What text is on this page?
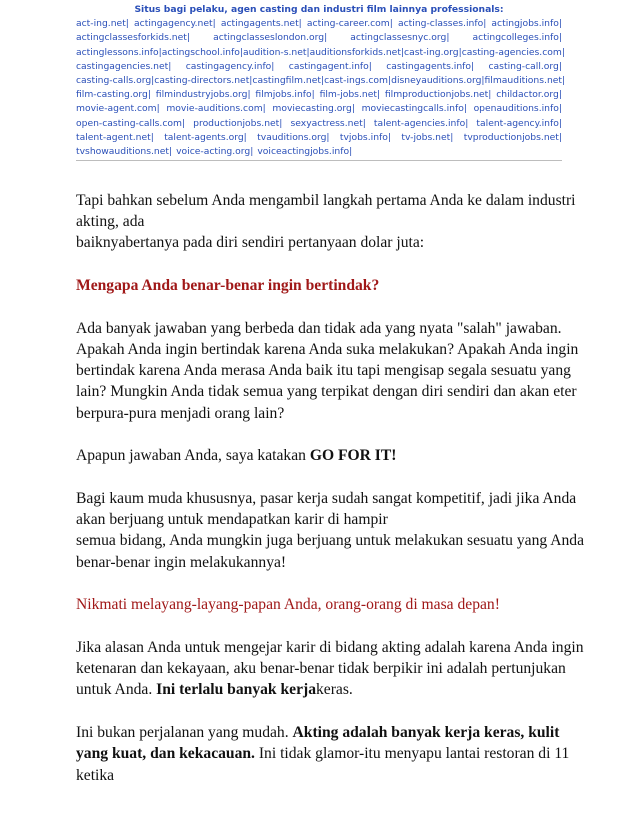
Situs bagi pelaku, agen casting dan industri film lainnya professionals:
act-ing.net| actingagency.net| actingagents.net| acting-career.com| acting-classes.info| actingjobs.info|
actingclassesforkids.net|	actingclasseslondon.org|	actingclassesnyc.org|	actingcolleges.info|
actinglessons.info| actingschool.info| audition-s.net| auditionsforkids.net| cast-ing.org| casting-agencies.com|
castingagencies.net| castingagency.info| castingagent.info| castingagents.info| casting-call.org|
casting-calls.org| casting-directors.net| castingfilm.net| cast-ings.com| disneyauditions.org| filmauditions.net|
film-casting.org| filmindustryjobs.org| filmjobs.info| film-jobs.net| filmproductionjobs.net| childactor.org|
movie-agent.com| movie-auditions.com| moviecasting.org| moviecastingcalls.info| openauditions.info|
open-casting-calls.com| productionjobs.net| sexyactress.net| talent-agencies.info| talent-agency.info|
talent-agent.net| talent-agents.org| tvauditions.org| tvjobs.info| tv-jobs.net| tvproductionjobs.net|
tvshowauditions.net| voice-acting.org| voiceactingjobs.info|

Tapi bahkan sebelum Anda mengambil langkah pertama Anda ke dalam industri akting, ada
baiknyabertanya pada diri sendiri pertanyaan dolar juta:

Mengapa Anda benar-benar ingin bertindak?

Ada banyak jawaban yang berbeda dan tidak ada yang nyata "salah" jawaban. Apakah Anda ingin bertindak karena Anda suka melakukan? Apakah Anda ingin bertindak karena Anda merasa Anda baik itu tapi mengisap segala sesuatu yang lain? Mungkin Anda tidak semua yang terpikat dengan diri sendiri dan akan eter berpura-pura menjadi orang lain?

Apapun jawaban Anda, saya katakan GO FOR IT!

Bagi kaum muda khususnya, pasar kerja sudah sangat kompetitif, jadi jika Anda akan berjuang untuk mendapatkan karir di hampir
semua bidang, Anda mungkin juga berjuang untuk melakukan sesuatu yang Anda benar-benar ingin melakukannya!

Nikmati melayang-layang-papan Anda, orang-orang di masa depan!

Jika alasan Anda untuk mengejar karir di bidang akting adalah karena Anda ingin ketenaran dan kekayaan, aku benar-benar tidak berpikir ini adalah pertunjukan untuk Anda. Ini terlalu banyak kerjakeras.

Ini bukan perjalanan yang mudah. Akting adalah banyak kerja keras, kulit yang kuat, dan kekacauan. Ini tidak glamor-itu menyapu lantai restoran di 11 ketika
